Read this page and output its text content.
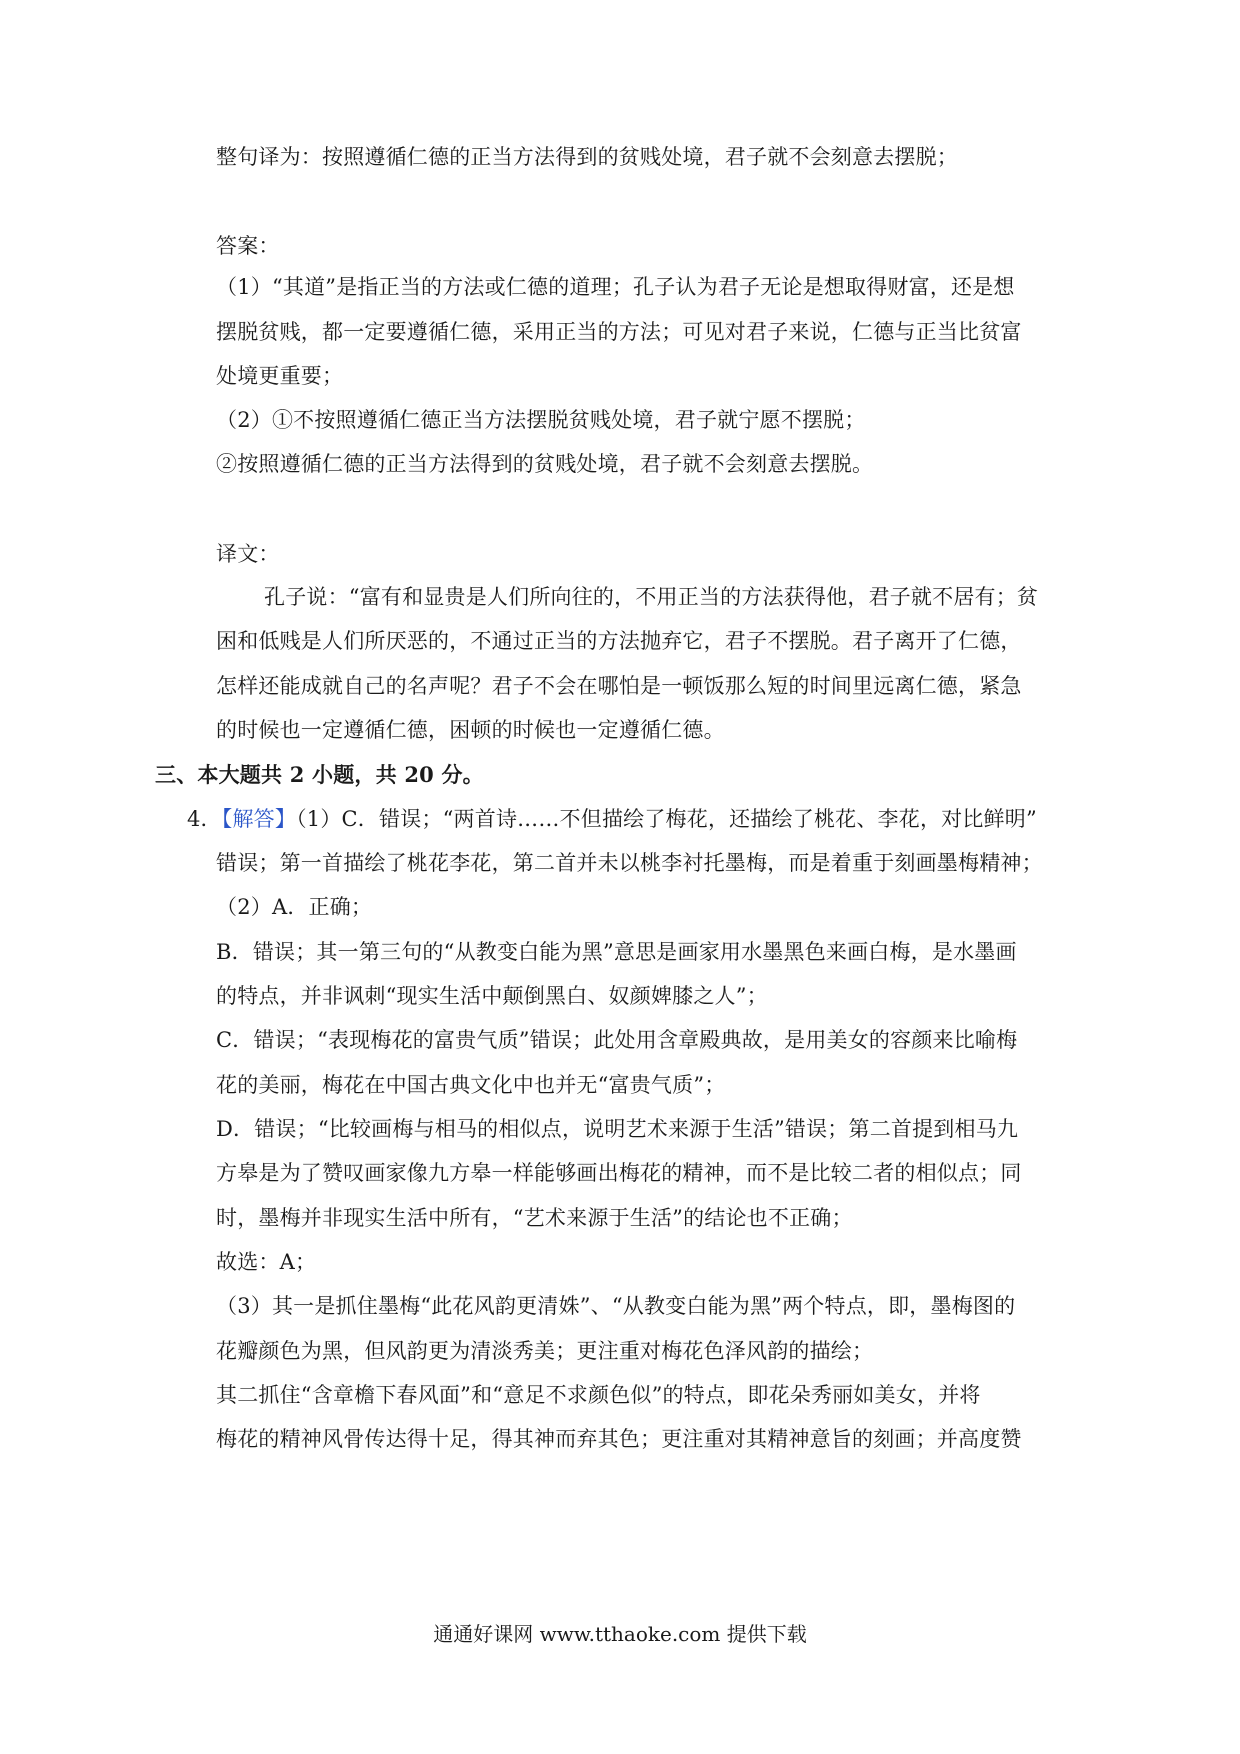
整句译为：按照遵循仁德的正当方法得到的贫贱处境，君子就不会刻意去摆脱；
答案：
（1）“其道”是指正当的方法或仁德的道理；孔子认为君子无论是想取得财富，还是想
摆脱贫贱，都一定要遵循仁德，采用正当的方法；可见对君子来说，仁德与正当比贫富
处境更重要；
（2）①不按照遵循仁德正当方法摆脱贫贱处境，君子就宁愿不摆脱；
②按照遵循仁德的正当方法得到的贫贱处境，君子就不会刻意去摆脱。
译文：
孔子说：“富有和显贵是人们所向往的，不用正当的方法获得他，君子就不居有；贫
困和低贱是人们所厌恶的，不通过正当的方法抛弃它，君子不摆脱。君子离开了仁德，
怎样还能成就自己的名声呢？君子不会在哪怕是一顿饭那么短的时间里远离仁德，紧急
的时候也一定遵循仁德，困顿的时候也一定遵循仁德。
三、本大题共 2 小题，共 20 分。
4．【解答】（1）C．错误；“两首诗……不但描绘了梅花，还描绘了桃花、李花，对比鲜明”
错误；第一首描绘了桃花李花，第二首并未以桃李衬托墨梅，而是着重于刻画墨梅精神；
（2）A．正确；
B．错误；其一第三句的“从教变白能为黑”意思是画家用水墨黑色来画白梅，是水墨画
的特点，并非讽刺“现实生活中颠倒黑白、奴颜婢膝之人”；
C．错误；“表现梅花的富贵气质”错误；此处用含章殿典故，是用美女的容颜来比喻梅
花的美丽，梅花在中国古典文化中也并无“富贵气质”；
D．错误；“比较画梅与相马的相似点，说明艺术来源于生活”错误；第二首提到相马九
方皋是为了赞叹画家像九方皋一样能够画出梅花的精神，而不是比较二者的相似点；同
时，墨梅并非现实生活中所有，“艺术来源于生活”的结论也不正确；
故选：A；
（3）其一是抓住墨梅“此花风韵更清姝”、“从教变白能为黑”两个特点，即，墨梅图的
花瓣颜色为黑，但风韵更为清淡秀美；更注重对梅花色泽风韵的描绘；
其二抓住“含章檐下春风面”和“意足不求颜色似”的特点，即花朵秀丽如美女，并将
梅花的精神风骨传达得十足，得其神而弃其色；更注重对其精神意旨的刻画；并高度赞
通通好课网 www.tthaoke.com 提供下载
